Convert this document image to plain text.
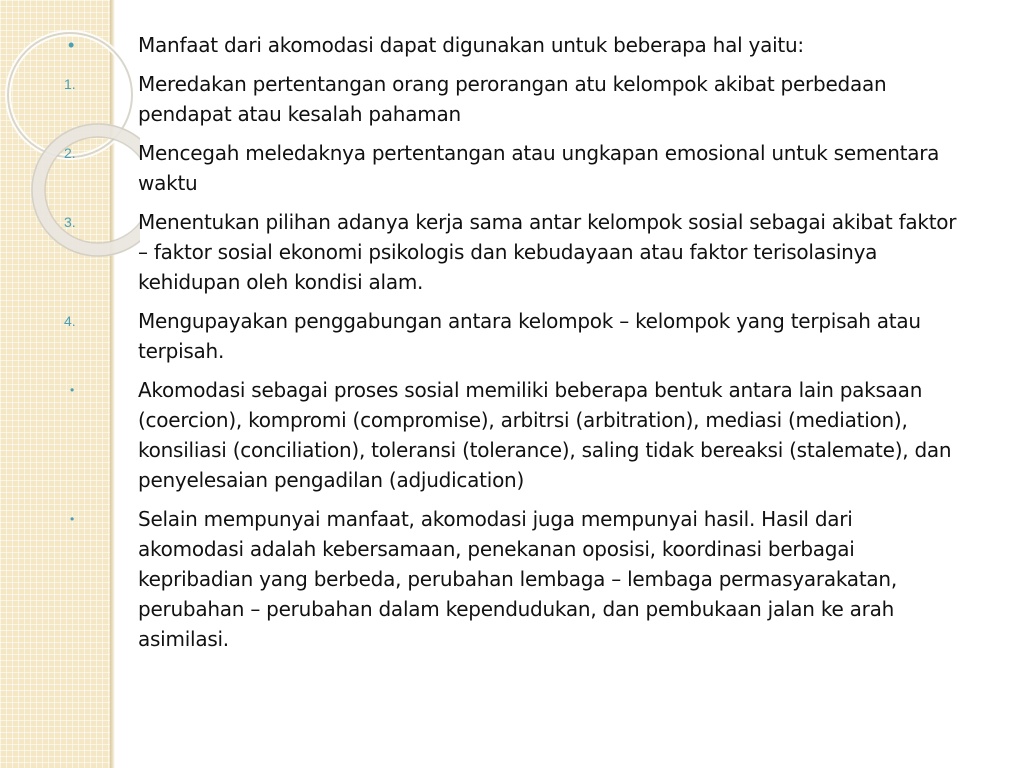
•	Manfaat dari akomodasi dapat digunakan untuk beberapa hal yaitu:
1.	Meredakan pertentangan orang perorangan atu kelompok akibat perbedaan pendapat atau kesalah pahaman
2.	Mencegah meledaknya pertentangan atau ungkapan emosional untuk sementara waktu
3.	Menentukan pilihan adanya kerja sama antar kelompok sosial sebagai akibat faktor – faktor sosial ekonomi psikologis dan kebudayaan atau faktor terisolasinya kehidupan oleh kondisi alam.
4.	Mengupayakan penggabungan antara kelompok – kelompok yang terpisah atau terpisah.
•	Akomodasi sebagai proses sosial memiliki beberapa bentuk antara lain paksaan (coercion), kompromi (compromise), arbitrsi (arbitration), mediasi (mediation), konsiliasi (conciliation), toleransi (tolerance), saling tidak bereaksi (stalemate), dan penyelesaian pengadilan (adjudication)
•	Selain mempunyai manfaat, akomodasi juga mempunyai hasil. Hasil dari akomodasi adalah kebersamaan, penekanan oposisi, koordinasi berbagai kepribadian yang berbeda, perubahan lembaga – lembaga permasyarakatan, perubahan – perubahan dalam kependudukan, dan pembukaan jalan ke arah asimilasi.
